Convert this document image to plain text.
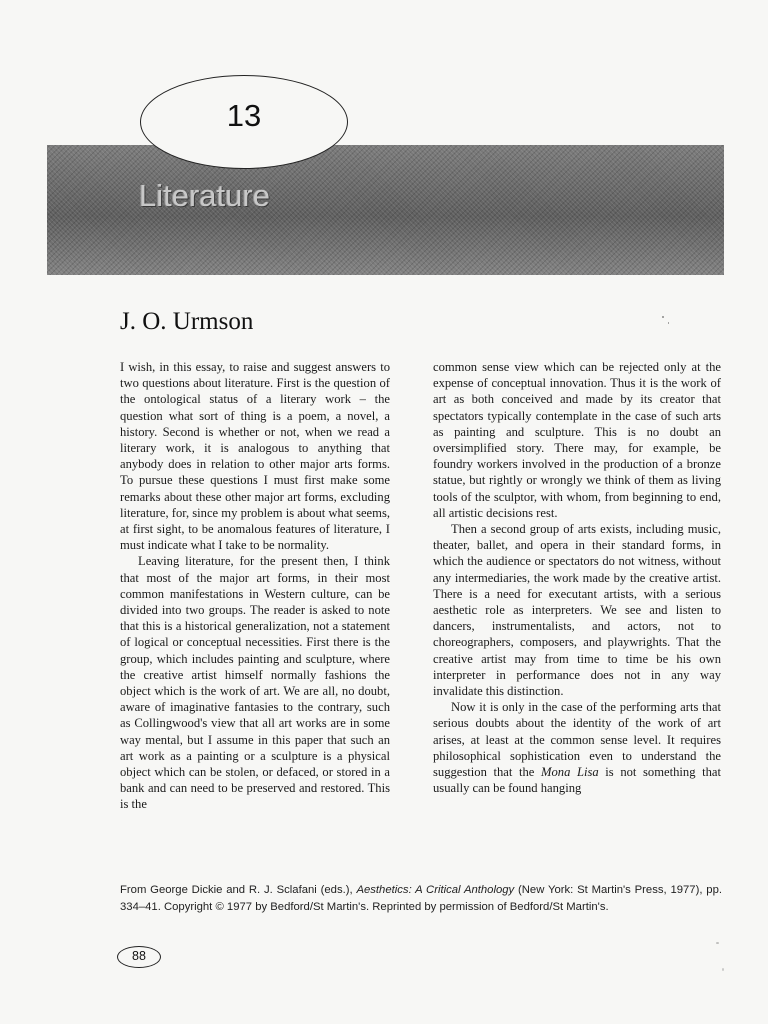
13
Literature
J. O. Urmson

I wish, in this essay, to raise and suggest answers to two questions about literature. First is the question of the ontological status of a literary work – the question what sort of thing is a poem, a novel, a history. Second is whether or not, when we read a literary work, it is analogous to anything that anybody does in relation to other major arts forms. To pursue these questions I must first make some remarks about these other major art forms, excluding literature, for, since my problem is about what seems, at first sight, to be anomalous features of literature, I must indicate what I take to be normality.

Leaving literature, for the present then, I think that most of the major art forms, in their most common manifestations in Western culture, can be divided into two groups. The reader is asked to note that this is a historical generalization, not a statement of logical or conceptual necessities. First there is the group, which includes painting and sculpture, where the creative artist himself normally fashions the object which is the work of art. We are all, no doubt, aware of imaginative fantasies to the contrary, such as Collingwood's view that all art works are in some way mental, but I assume in this paper that such an art work as a painting or a sculpture is a physical object which can be stolen, or defaced, or stored in a bank and can need to be preserved and restored. This is the

common sense view which can be rejected only at the expense of conceptual innovation. Thus it is the work of art as both conceived and made by its creator that spectators typically contemplate in the case of such arts as painting and sculpture. This is no doubt an oversimplified story. There may, for example, be foundry workers involved in the production of a bronze statue, but rightly or wrongly we think of them as living tools of the sculptor, with whom, from beginning to end, all artistic decisions rest.

Then a second group of arts exists, including music, theater, ballet, and opera in their standard forms, in which the audience or spectators do not witness, without any intermediaries, the work made by the creative artist. There is a need for executant artists, with a serious aesthetic role as interpreters. We see and listen to dancers, instrumentalists, and actors, not to choreographers, composers, and playwrights. That the creative artist may from time to time be his own interpreter in performance does not in any way invalidate this distinction.

Now it is only in the case of the performing arts that serious doubts about the identity of the work of art arises, at least at the common sense level. It requires philosophical sophistication even to understand the suggestion that the Mona Lisa is not something that usually can be found hanging

From George Dickie and R. J. Sclafani (eds.), Aesthetics: A Critical Anthology (New York: St Martin's Press, 1977), pp. 334–41. Copyright © 1977 by Bedford/St Martin's. Reprinted by permission of Bedford/St Martin's.
88
